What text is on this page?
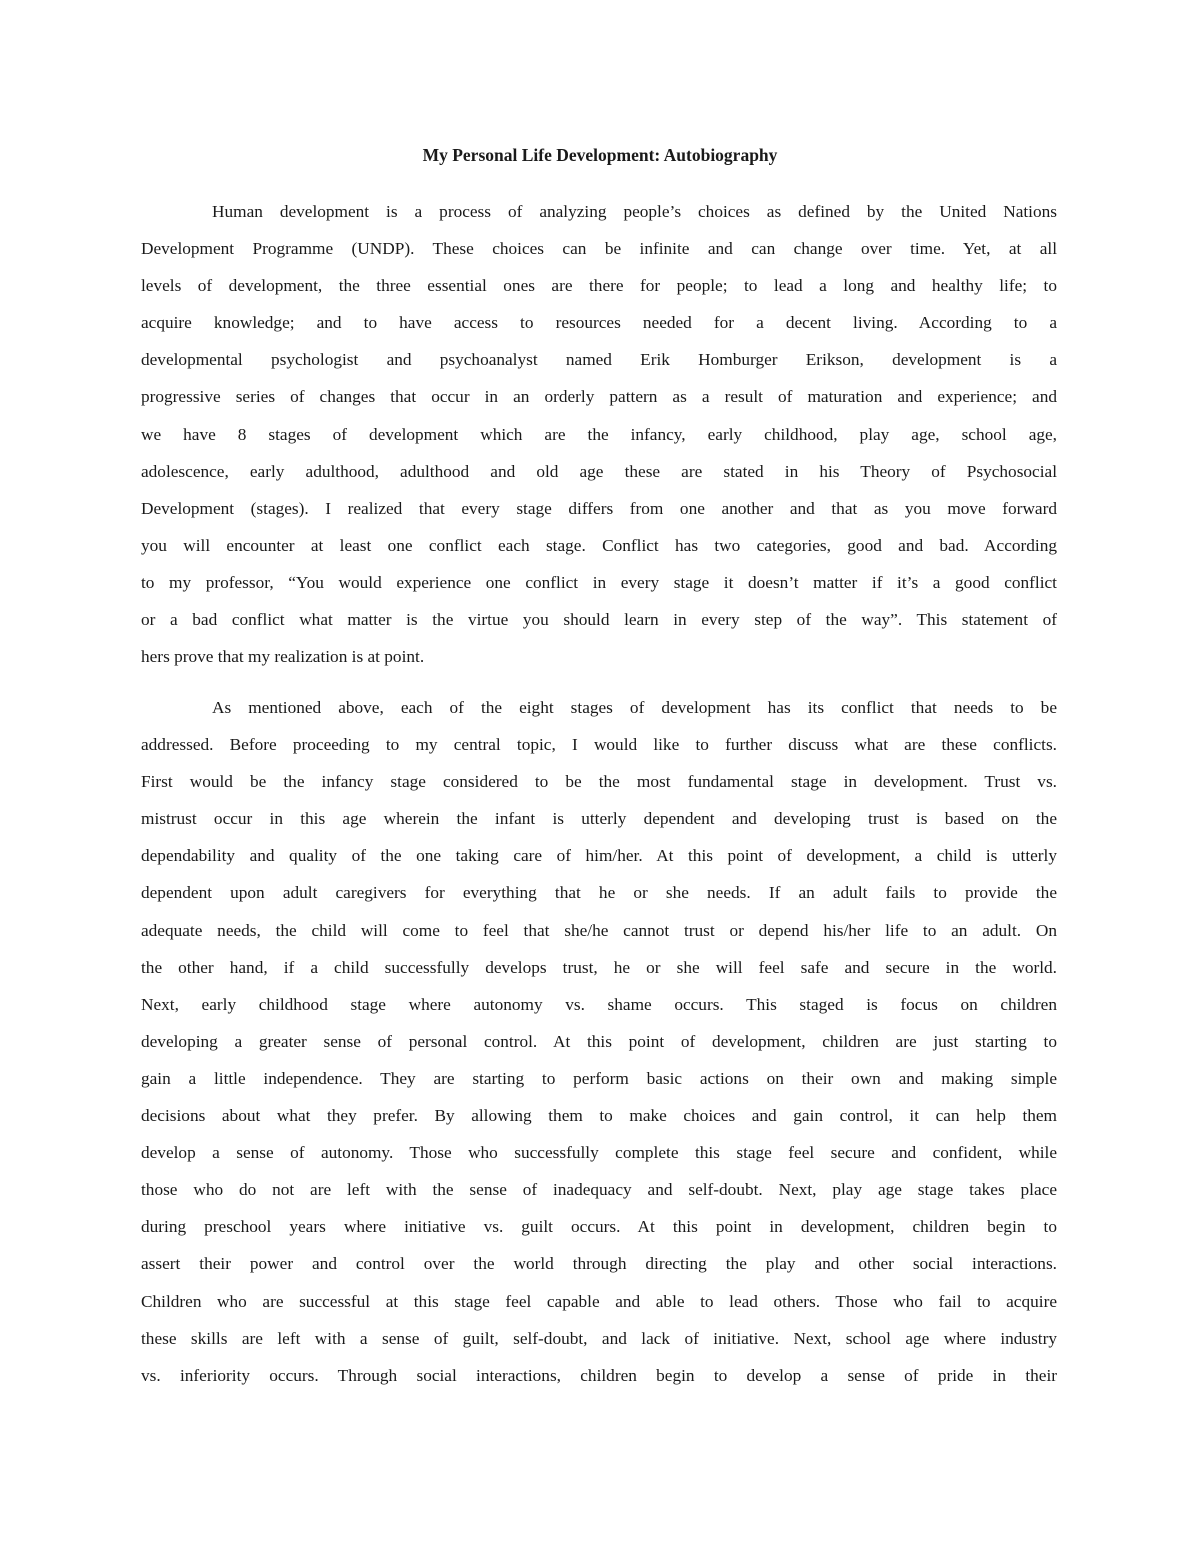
My Personal Life Development: Autobiography
Human development is a process of analyzing people’s choices as defined by the United Nations
Development Programme (UNDP). These choices can be infinite and can change over time. Yet, at all
levels of development, the three essential ones are there for people; to lead a long and healthy life; to
acquire knowledge; and to have access to resources needed for a decent living. According to a
developmental psychologist and psychoanalyst named Erik Homburger Erikson, development is a
progressive series of changes that occur in an orderly pattern as a result of maturation and experience; and
we have 8 stages of development which are the infancy, early childhood, play age, school age,
adolescence, early adulthood, adulthood and old age these are stated in his Theory of Psychosocial
Development (stages). I realized that every stage differs from one another and that as you move forward
you will encounter at least one conflict each stage. Conflict has two categories, good and bad. According
to my professor, “You would experience one conflict in every stage it doesn’t matter if it’s a good conflict
or a bad conflict what matter is the virtue you should learn in every step of the way”. This statement of
hers prove that my realization is at point.
As mentioned above, each of the eight stages of development has its conflict that needs to be
addressed. Before proceeding to my central topic, I would like to further discuss what are these conflicts.
First would be the infancy stage considered to be the most fundamental stage in development. Trust vs.
mistrust occur in this age wherein the infant is utterly dependent and developing trust is based on the
dependability and quality of the one taking care of him/her. At this point of development, a child is utterly
dependent upon adult caregivers for everything that he or she needs. If an adult fails to provide the
adequate needs, the child will come to feel that she/he cannot trust or depend his/her life to an adult. On
the other hand, if a child successfully develops trust, he or she will feel safe and secure in the world.
Next, early childhood stage where autonomy vs. shame occurs. This staged is focus on children
developing a greater sense of personal control. At this point of development, children are just starting to
gain a little independence. They are starting to perform basic actions on their own and making simple
decisions about what they prefer. By allowing them to make choices and gain control, it can help them
develop a sense of autonomy. Those who successfully complete this stage feel secure and confident, while
those who do not are left with the sense of inadequacy and self-doubt. Next, play age stage takes place
during preschool years where initiative vs. guilt occurs. At this point in development, children begin to
assert their power and control over the world through directing the play and other social interactions.
Children who are successful at this stage feel capable and able to lead others. Those who fail to acquire
these skills are left with a sense of guilt, self-doubt, and lack of initiative. Next, school age where industry
vs. inferiority occurs. Through social interactions, children begin to develop a sense of pride in their
